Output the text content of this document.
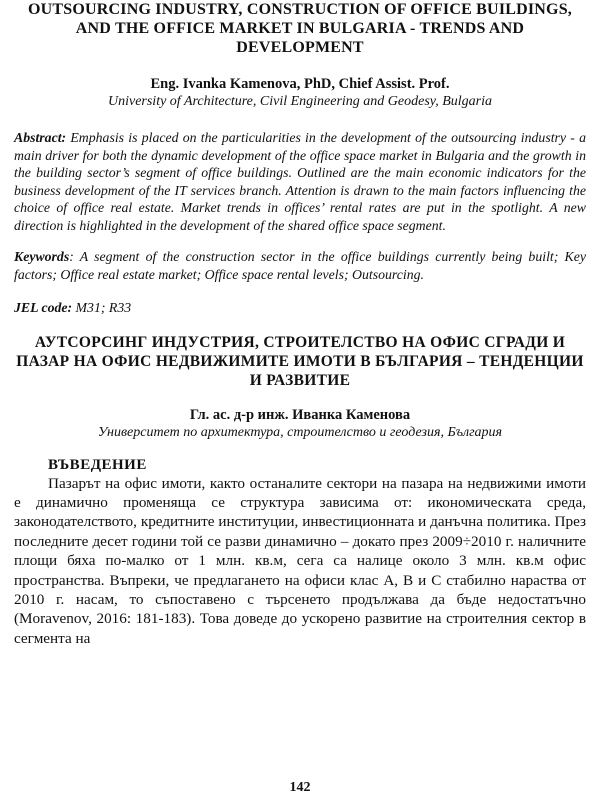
OUTSOURCING INDUSTRY, CONSTRUCTION OF OFFICE BUILDINGS, AND THE OFFICE MARKET IN BULGARIA - TRENDS AND DEVELOPMENT
Eng. Ivanka Kamenova, PhD, Chief Assist. Prof.
University of Architecture, Civil Engineering and Geodesy, Bulgaria

Abstract: Emphasis is placed on the particularities in the development of the outsourcing industry - a main driver for both the dynamic development of the office space market in Bulgaria and the growth in the building sector’s segment of office buildings. Outlined are the main economic indicators for the business development of the IT services branch. Attention is drawn to the main factors influencing the choice of office real estate. Market trends in offices’ rental rates are put in the spotlight. A new direction is highlighted in the development of the shared office space segment.

Keywords: A segment of the construction sector in the office buildings currently being built; Key factors; Office real estate market; Office space rental levels; Outsourcing.

JEL code: M31; R33

АУТСОРСИНГ ИНДУСТРИЯ, СТРОИТЕЛСТВО НА ОФИС СГРАДИ И ПАЗАР НА ОФИС НЕДВИЖИМИТЕ ИМОТИ В БЪЛГАРИЯ – ТЕНДЕНЦИИ И РАЗВИТИЕ
Гл. ас. д-р инж. Иванка Каменова
Университет по архитектура, строителство и геодезия, България
ВЪВЕДЕНИЕ

Пазарът на офис имоти, както останалите сектори на пазара на недвижими имоти е динамично променяща се структура зависима от: икономическата среда, законодателството, кредитните институции, инвестиционната и данъчна политика. През последните десет години той се разви динамично – докато през 2009÷2010 г. наличните площи бяха по-малко от 1 млн. кв.м, сега са налице около 3 млн. кв.м офис пространства. Въпреки, че предлагането на офиси клас А, В и С стабилно нараства от 2010 г. насам, то съпоставено с търсенето продължава да бъде недостатъчно (Moravenov, 2016: 181-183). Това доведе до ускорено развитие на строителния сектор в сегмента на

142
